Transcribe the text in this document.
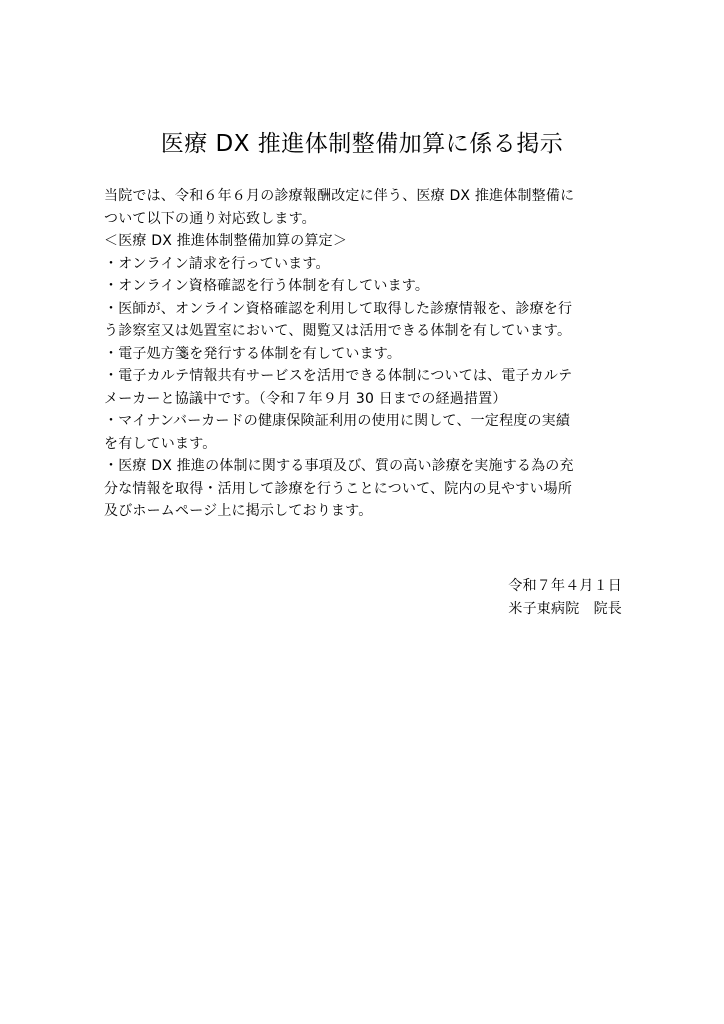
医療 DX 推進体制整備加算に係る掲示
当院では、令和６年６月の診療報酬改定に伴う、医療 DX 推進体制整備に
ついて以下の通り対応致します。
＜医療 DX 推進体制整備加算の算定＞
・オンライン請求を行っています。
・オンライン資格確認を行う体制を有しています。
・医師が、オンライン資格確認を利用して取得した診療情報を、診療を行
う診察室又は処置室において、閲覧又は活用できる体制を有しています。
・電子処方箋を発行する体制を有しています。
・電子カルテ情報共有サービスを活用できる体制については、電子カルテ
メーカーと協議中です。（令和７年９月 30 日までの経過措置）
・マイナンバーカードの健康保険証利用の使用に関して、一定程度の実績
を有しています。
・医療 DX 推進の体制に関する事項及び、質の高い診療を実施する為の充
分な情報を取得・活用して診療を行うことについて、院内の見やすい場所
及びホームページ上に掲示しております。
令和７年４月１日
米子東病院　院長
